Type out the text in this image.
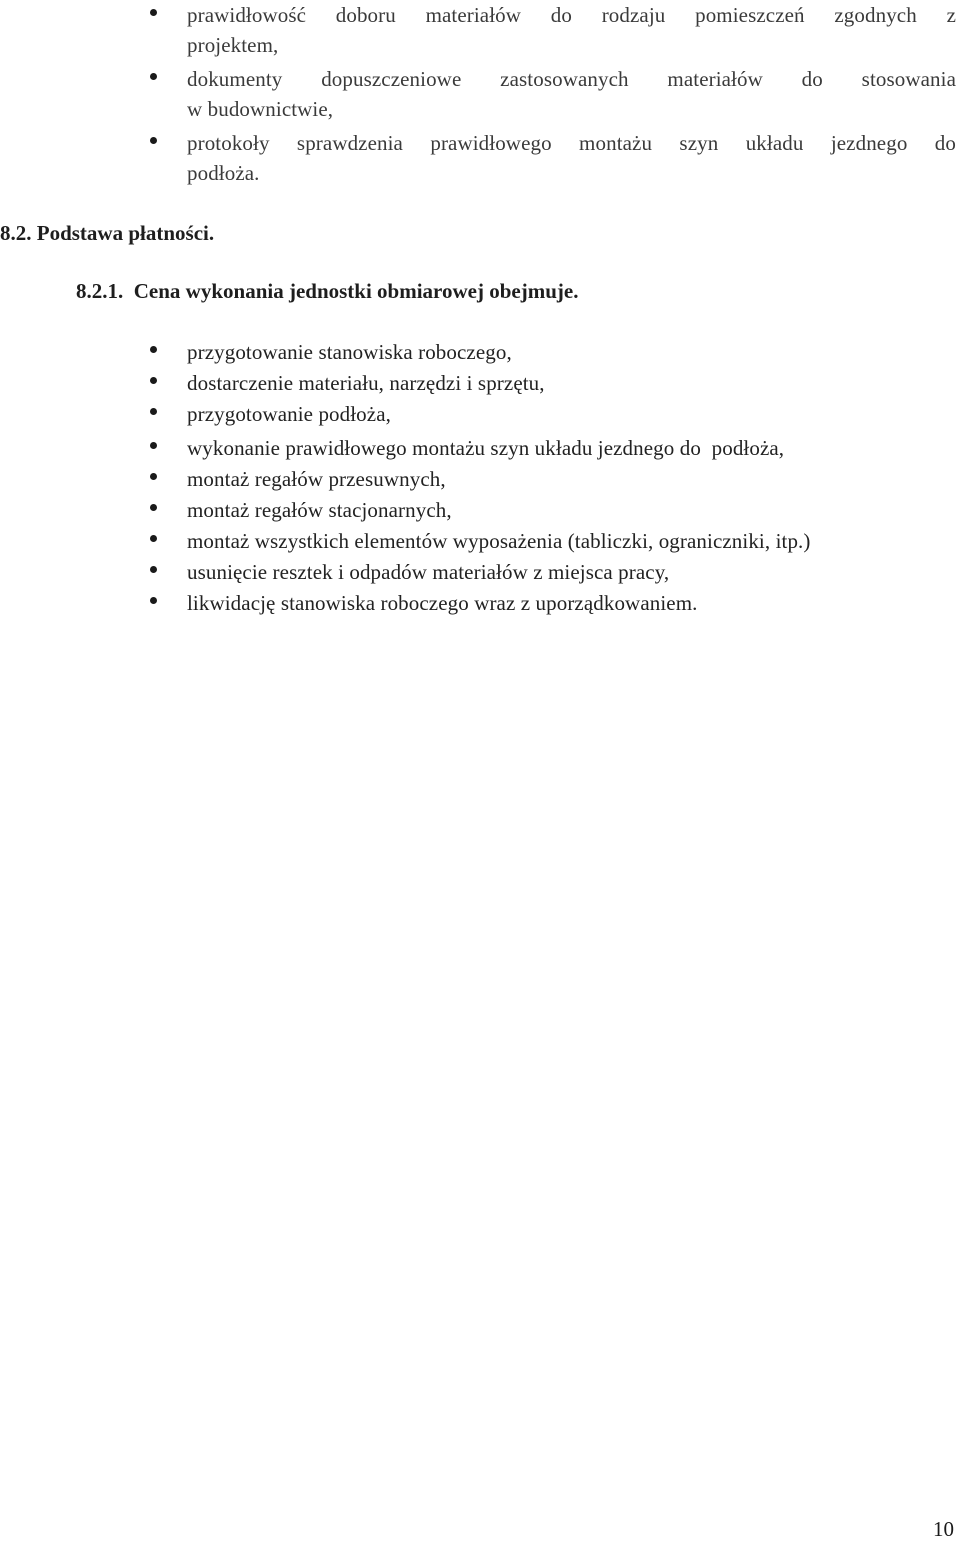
prawidłowość doboru materiałów do rodzaju pomieszczeń zgodnych z
projektem,
dokumenty dopuszczeniowe zastosowanych materiałów do stosowania
w budownictwie,
protokoły sprawdzenia prawidłowego montażu szyn układu jezdnego do
podłoża.
8.2. Podstawa płatności.
8.2.1.  Cena wykonania jednostki obmiarowej obejmuje.
przygotowanie stanowiska roboczego,
dostarczenie materiału, narzędzi i sprzętu,
przygotowanie podłoża,
wykonanie prawidłowego montażu szyn układu jezdnego do  podłoża,
montaż regałów przesuwnych,
montaż regałów stacjonarnych,
montaż wszystkich elementów wyposażenia (tabliczki, ograniczniki, itp.)
usunięcie resztek i odpadów materiałów z miejsca pracy,
likwidację stanowiska roboczego wraz z uporządkowaniem.
10
